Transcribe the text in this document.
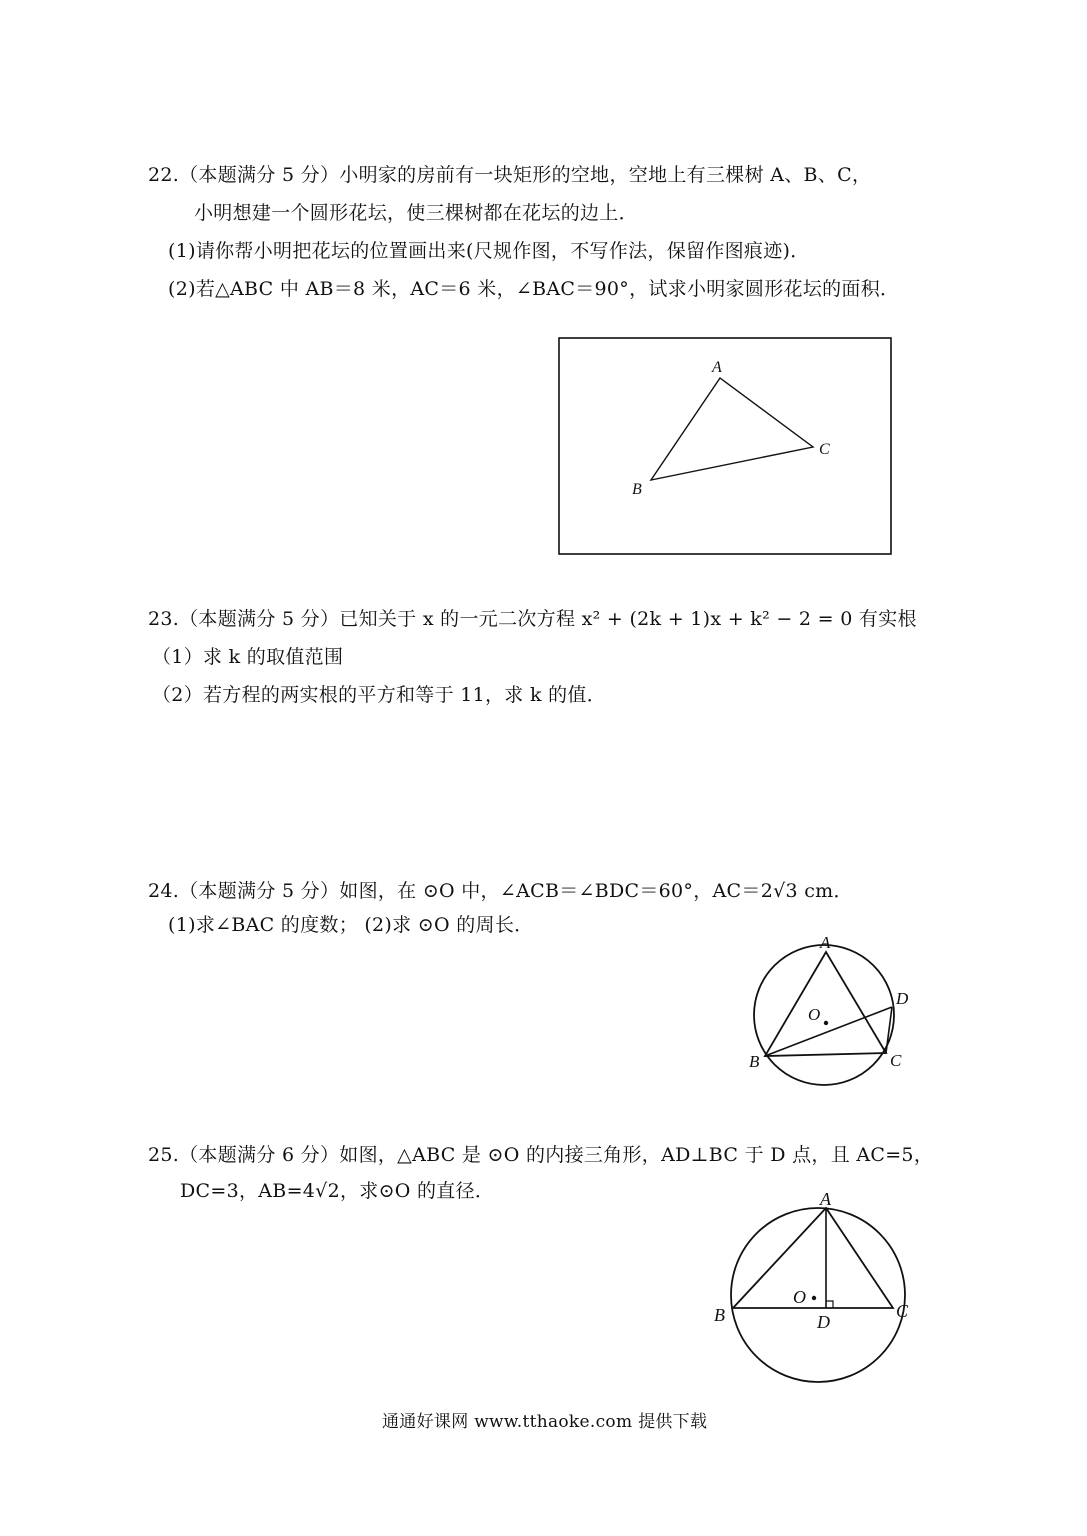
22.（本题满分 5 分）小明家的房前有一块矩形的空地，空地上有三棵树 A、B、C，
小明想建一个圆形花坛，使三棵树都在花坛的边上．
(1)请你帮小明把花坛的位置画出来(尺规作图，不写作法，保留作图痕迹)．
(2)若△ABC 中 AB＝8 米，AC＝6 米，∠BAC＝90°，试求小明家圆形花坛的面积．
A
C
B
23.（本题满分 5 分）已知关于 x 的一元二次方程 x² + (2k + 1)x + k² − 2 = 0 有实根
（1）求 k 的取值范围
（2）若方程的两实根的平方和等于 11，求 k 的值．
24.（本题满分 5 分）如图，在 ⊙O 中，∠ACB＝∠BDC＝60°，AC＝2√3 cm．
(1)求∠BAC 的度数； (2)求 ⊙O 的周长．
A
D
O
B	C
25.（本题满分 6 分）如图，△ABC 是 ⊙O 的内接三角形，AD⊥BC 于 D 点，且 AC=5，
DC=3，AB=4√2，求⊙O 的直径．	A
O
B	C
D
通通好课网 www.tthaoke.com 提供下载
